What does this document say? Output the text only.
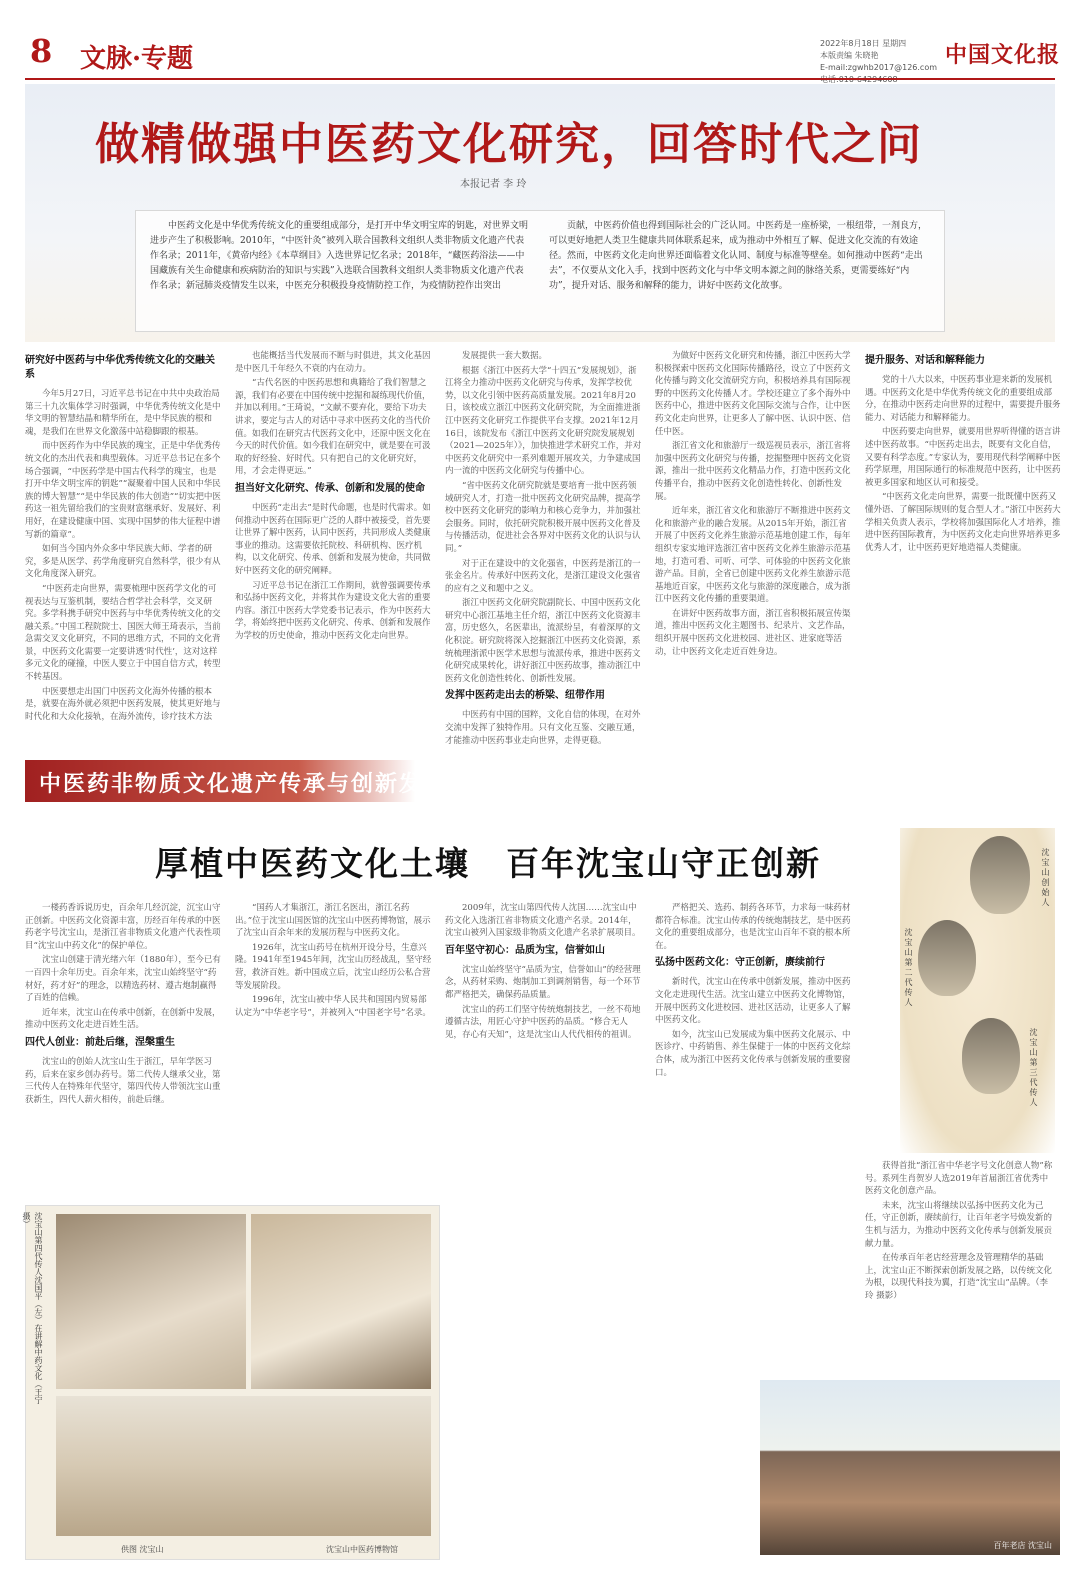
8 文脉·专题
2022年8月18日 星期四
本版责编 朱晓艳
E-mail:zgwhb2017@126.com 中国文化报
做精做强中医药文化研究，回答时代之问
本报记者 李 玲

中医药文化是中华优秀传统文化的重要组成部分，是打开中华文明宝库的钥匙，对世界文明进步产生了积极影响。2010年，“中医针灸”被列入联合国教科文组织人类非物质文化遗产代表作名录；2011年，《黄帝内经》《本草纲目》入选世界记忆名录；2018年，“藏医药浴法——中国藏族有关生命健康和疾病防治的知识与实践”入选联合国教科文组织人类非物质文化遗产代表作名录；新冠肺炎疫情发生以来，中医充分积极投身疫情防控工作，为疫情防控作出突出

贡献，中医药价值也得到国际社会的广泛认同。中医药是一座桥梁，一根纽带，一剂良方，可以更好地把人类卫生健康共同体联系起来，成为推动中外相互了解、促进文化交流的有效途径。然而，中医药文化走向世界还面临着文化认同、制度与标准等壁垒。如何推动中医药“走出去”，不仅要从文化入手，找到中医药文化与中华文明本源之间的脉络关系，更需要练好“内功”，提升对话、服务和解释的能力，讲好中医药文化故事。

研究好中医药与中华优秀传统文化的交融关系

今年5月27日，习近平总书记在中共中央政治局第三十九次集体学习时强调，中华优秀传统文化是中华文明的智慧结晶和精华所在，是中华民族的根和魂，是我们在世界文化激荡中站稳脚跟的根基。

而中医药作为中华民族的瑰宝，正是中华优秀传统文化的杰出代表和典型载体。习近平总书记在多个场合强调，“中医药学是中国古代科学的瑰宝，也是打开中华文明宝库的钥匙”“凝聚着中国人民和中华民族的博大智慧”“是中华民族的伟大创造”“切实把中医药这一祖先留给我们的宝贵财富继承好、发展好、利用好，在建设健康中国、实现中国梦的伟大征程中谱写新的篇章”。

如何当今国内外众多中华民族大师、学者的研究，多是从医学、药学角度研究自然科学，很少有从文化角度深入研究。

“中医药走向世界，需要梳理中医药学文化的可视表达与互鉴机制，要结合哲学社会科学，交叉研究。多学科携手研究中医药与中华优秀传统文化的交融关系。”中国工程院院士、国医大师王琦表示，当前急需交叉文化研究，不同的思维方式，不同的文化背景，中医药文化需要一定要讲透‘时代性’，这对这样多元文化的碰撞，中医人要立于中国自信方式，转型不转基因。

中医要想走出国门中医药文化海外传播的根本是，就要在海外就必须把中医药发展，使其更好地与时代化和大众化接轨，在海外流传，诊疗技术方法

也能概括当代发展而不断与时俱进，其文化基因是中医几千年经久不衰的内在动力。

“古代名医的中医药思想和典籍给了我们智慧之源，我们有必要在中国传统中挖掘和凝练现代价值，并加以利用。”王琦说，“文献不要弃化，要给下功夫讲求，要定与古人的对话中寻求中医药文化的当代价值。如我们在研究古代医药文化中，还原中医文化在今天的时代价值。如今我们在研究中，就是要在可汲取的好经验、好时代。只有把自己的文化研究好，用，才会走得更远。”

担当好文化研究、传承、创新和发展的使命

中医药“走出去”是时代命题，也是时代需求。如何推动中医药在国际更广泛的人群中被接受，首先要让世界了解中医药，认同中医药，共同形成人类健康事业的推动。这需要依托院校、科研机构、医疗机构，以文化研究、传承、创新和发展为使命，共同做好中医药文化的研究阐释。

习近平总书记在浙江工作期间，就曾强调要传承和弘扬中医药文化，并将其作为建设文化大省的重要内容。浙江中医药大学党委书记表示，作为中医药大学，将始终把中医药文化研究、传承、创新和发展作为学校的历史使命，推动中医药文化走向世界。

发展提供一套大数据。

根据《浙江中医药大学“十四五”发展规划》，浙江将全力推动中医药文化研究与传承，发挥学校优势，以文化引领中医药高质量发展。2021年8月20日，该校成立浙江中医药文化研究院，为全面推进浙江中医药文化研究工作提供平台支撑。2021年12月16日，该院发布《浙江中医药文化研究院发展规划（2021—2025年）》，加快推进学术研究工作，并对中医药文化研究中一系列难题开展攻关，力争建成国内一流的中医药文化研究与传播中心。

“省中医药文化研究院就是要培育一批中医药领域研究人才，打造一批中医药文化研究品牌，提高学校中医药文化研究的影响力和核心竞争力，并加强社会服务。同时，依托研究院积极开展中医药文化普及与传播活动，促进社会各界对中医药文化的认识与认同。”

对于正在建设中的文化强省，中医药是浙江的一张金名片。传承好中医药文化，是浙江建设文化强省的应有之义和题中之义。

浙江中医药文化研究院副院长、中国中医药文化研究中心浙江基地主任介绍，浙江中医药文化资源丰富，历史悠久，名医辈出，流派纷呈，有着深厚的文化积淀。研究院将深入挖掘浙江中医药文化资源，系统梳理浙派中医学术思想与流派传承，推进中医药文化研究成果转化，讲好浙江中医药故事，推动浙江中医药文化创造性转化、创新性发展。

发挥中医药走出去的桥梁、纽带作用

中医药有中国的国粹，文化自信的体现，在对外交流中发挥了独特作用。只有文化互鉴、交融互通，才能推动中医药事业走向世界，走得更稳。

为做好中医药文化研究和传播，浙江中医药大学积极探索中医药文化国际传播路径，设立了中医药文化传播与跨文化交流研究方向，积极培养具有国际视野的中医药文化传播人才。学校还建立了多个海外中医药中心，推进中医药文化国际交流与合作，让中医药文化走向世界，让更多人了解中医、认识中医、信任中医。

浙江省文化和旅游厅一级巡视员表示，浙江省将加强中医药文化研究与传播，挖掘整理中医药文化资源，推出一批中医药文化精品力作，打造中医药文化传播平台，推动中医药文化创造性转化、创新性发展。

近年来，浙江省文化和旅游厅不断推进中医药文化和旅游产业的融合发展。从2015年开始，浙江省开展了中医药文化养生旅游示范基地创建工作，每年组织专家实地评选浙江省中医药文化养生旅游示范基地，打造可看、可听、可学、可体验的中医药文化旅游产品。目前，全省已创建中医药文化养生旅游示范基地近百家，中医药文化与旅游的深度融合，成为浙江中医药文化传播的重要渠道。

在讲好中医药故事方面，浙江省积极拓展宣传渠道，推出中医药文化主题图书、纪录片、文艺作品，组织开展中医药文化进校园、进社区、进家庭等活动，让中医药文化走近百姓身边。

提升服务、对话和解释能力

党的十八大以来，中医药事业迎来新的发展机遇。中医药文化是中华优秀传统文化的重要组成部分，在推动中医药走向世界的过程中，需要提升服务能力、对话能力和解释能力。

中医药要走向世界，就要用世界听得懂的语言讲述中医药故事。“中医药走出去，既要有文化自信，又要有科学态度。”专家认为，要用现代科学阐释中医药学原理，用国际通行的标准规范中医药，让中医药被更多国家和地区认可和接受。

“中医药文化走向世界，需要一批既懂中医药又懂外语、了解国际规则的复合型人才。”浙江中医药大学相关负责人表示，学校将加强国际化人才培养，推进中医药国际教育，为中医药文化走向世界培养更多优秀人才，让中医药更好地造福人类健康。

中医药非物质文化遗产传承与创新发展
厚植中医药文化土壤 百年沈宝山守正创新	沈宝山创始人
沈宝山第二代传人
沈宝山第三代传人

一楼药香诉说历史，百余年几经沉淀，沉宝山守正创新。中医药文化资源丰富，历经百年传承的中医药老字号沈宝山，是浙江省非物质文化遗产代表性项目“沈宝山中药文化”的保护单位。

沈宝山创建于清光绪六年（1880年），至今已有一百四十余年历史。百余年来，沈宝山始终坚守“药材好，药才好”的理念，以精选药材、遵古炮制赢得了百姓的信赖。

近年来，沈宝山在传承中创新，在创新中发展，推动中医药文化走进百姓生活。

四代人创业：前赴后继，涅槃重生

沈宝山的创始人沈宝山生于浙江，早年学医习药，后来在家乡创办药号。第二代传人继承父业，第三代传人在特殊年代坚守，第四代传人带领沈宝山重获新生，四代人薪火相传，前赴后继。

“国药人才集浙江，浙江名医出，浙江名药出。”位于沈宝山国医馆的沈宝山中医药博物馆，展示了沈宝山百余年来的发展历程与中医药文化。

1926年，沈宝山药号在杭州开设分号，生意兴隆。1941年至1945年间，沈宝山历经战乱，坚守经营，救济百姓。新中国成立后，沈宝山经历公私合营等发展阶段。

1996年，沈宝山被中华人民共和国国内贸易部认定为“中华老字号”，并被列入“中国老字号”名录。

2009年，沈宝山第四代传人沈国……沈宝山中药文化入选浙江省非物质文化遗产名录。2014年，沈宝山被列入国家级非物质文化遗产名录扩展项目。

百年坚守初心：品质为宝，信誉如山

沈宝山始终坚守“品质为宝，信誉如山”的经营理念，从药材采购、炮制加工到调剂销售，每一个环节都严格把关，确保药品质量。

沈宝山的药工们坚守传统炮制技艺，一丝不苟地遵循古法，用匠心守护中医药的品质。“修合无人见，存心有天知”，这是沈宝山人代代相传的祖训。

严格把关、选药、制药各环节，力求每一味药材都符合标准。沈宝山传承的传统炮制技艺，是中医药文化的重要组成部分，也是沈宝山百年不衰的根本所在。

弘扬中医药文化：守正创新，赓续前行

新时代，沈宝山在传承中创新发展，推动中医药文化走进现代生活。沈宝山建立中医药文化博物馆，开展中医药文化进校园、进社区活动，让更多人了解中医药文化。

如今，沈宝山已发展成为集中医药文化展示、中医诊疗、中药销售、养生保健于一体的中医药文化综合体，成为浙江中医药文化传承与创新发展的重要窗口。

获得首批“浙江省中华老字号文化创意人物”称号。系列生肖贺岁人选2019年首届浙江省优秀中医药文化创意产品。

未来，沈宝山将继续以弘扬中医药文化为己任，守正创新，赓续前行，让百年老字号焕发新的生机与活力，为推动中医药文化传承与创新发展贡献力量。

在传承百年老店经营理念及管理精华的基础上，沈宝山正不断探索创新发展之路，以传统文化为根，以现代科技为翼，打造“沈宝山”品牌。（李 玲 摄影）

供图 沈宝山	沈宝山中医药博物馆
沈宝山第四代传人沈国平（左）在讲解中药文化（王宁 摄）
百年老店 沈宝山
